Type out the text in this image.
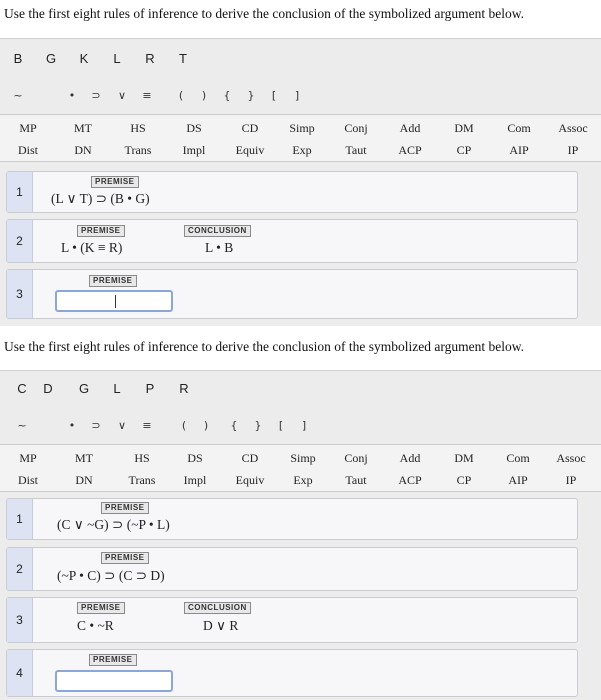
Use the first eight rules of inference to derive the conclusion of the symbolized argument below.
B G K	L	R	T
~	•	⊃	∨	≡	(	)	{	}	[	]
MP	MT	HS	DS	CD	Simp	Conj	Add	DM	Com	Assoc
Dist	DN	Trans	Impl	Equiv	Exp	Taut	ACP	CP	AIP	IP
1
PREMISE
(L ∨ T) ⊃ (B • G)
2
PREMISE
L • (K ≡ R)
CONCLUSION
L • B
3
PREMISE
Use the first eight rules of inference to derive the conclusion of the symbolized argument below.
C D G	L	P R
~	•	⊃	∨	≡	(	)	{	}	[	]
MP	MT	HS	DS	CD	Simp	Conj	Add	DM	Com	Assoc
Dist	DN	Trans	Impl	Equiv	Exp	Taut	ACP	CP	AIP	IP
1
PREMISE
(C ∨ ~G) ⊃ (~P • L)
2
PREMISE
(~P • C) ⊃ (C ⊃ D)
3
PREMISE
C • ~R
CONCLUSION
D ∨ R
4
PREMISE
